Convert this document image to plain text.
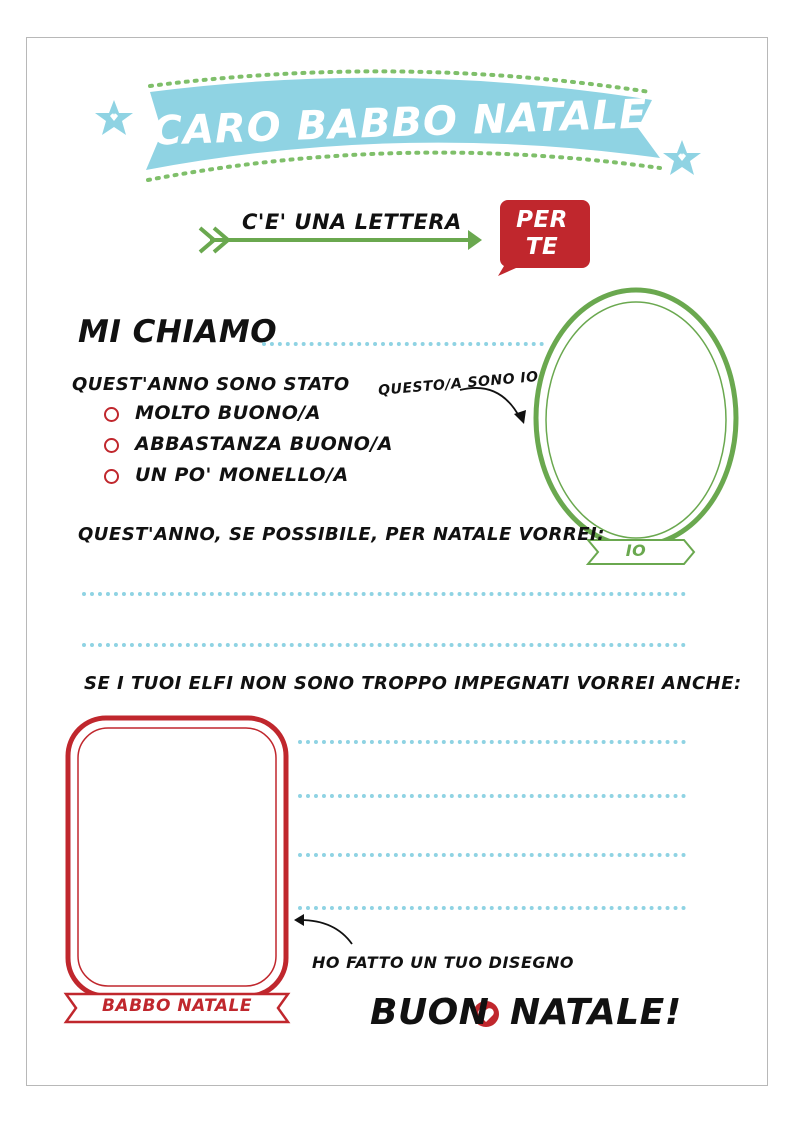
CARO BABBO NATALE
C'E' UNA LETTERA PER
TE
MI CHIAMO
QUEST'ANNO SONO STATO
MOLTO BUONO/A
ABBASTANZA BUONO/A
UN PO' MONELLO/A
QUESTO/A SONO IO
IO
QUEST'ANNO, SE POSSIBILE, PER NATALE VORREI:
SE I TUOI ELFI NON SONO TROPPO IMPEGNATI VORREI ANCHE:
HO FATTO UN TUO DISEGNO
BABBO NATALE	BUON NATALE!
